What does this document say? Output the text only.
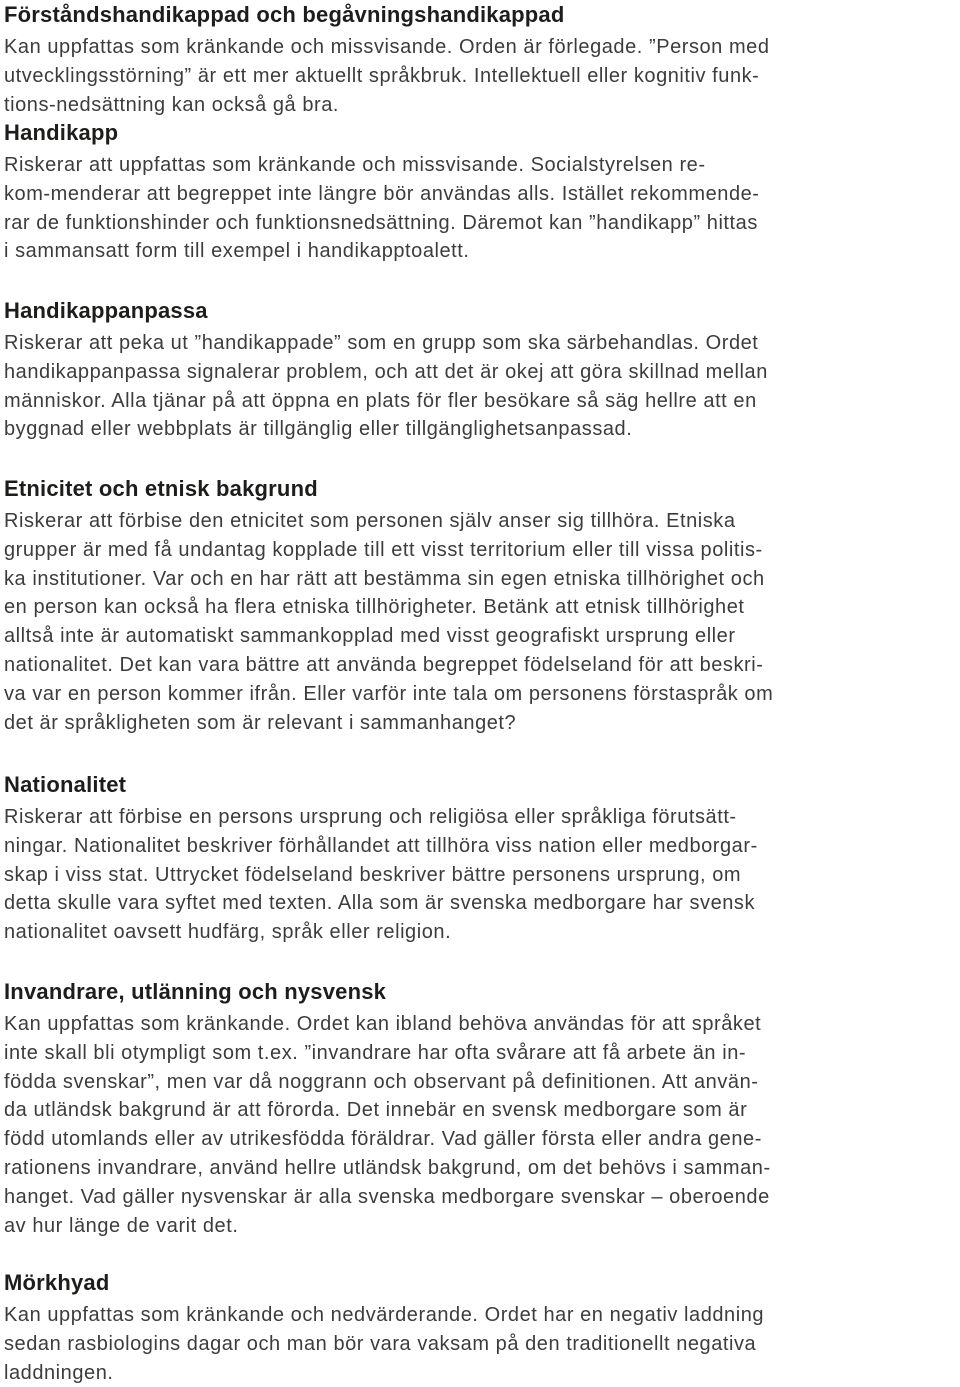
Förståndshandikappad och begåvningshandikappad

Kan uppfattas som kränkande och missvisande. Orden är förlegade. ”Person med
utvecklingsstörning” är ett mer aktuellt språkbruk. Intellektuell eller kognitiv funk-
tions-nedsättning kan också gå bra.

Handikapp

Riskerar att uppfattas som kränkande och missvisande. Socialstyrelsen re-
kom-menderar att begreppet inte längre bör användas alls. Istället rekommende-
rar de funktionshinder och funktionsnedsättning. Däremot kan ”handikapp” hittas
i sammansatt form till exempel i handikapptoalett.

Handikappanpassa

Riskerar att peka ut ”handikappade” som en grupp som ska särbehandlas. Ordet
handikappanpassa signalerar problem, och att det är okej att göra skillnad mellan
människor. Alla tjänar på att öppna en plats för fler besökare så säg hellre att en
byggnad eller webbplats är tillgänglig eller tillgänglighetsanpassad.

Etnicitet och etnisk bakgrund

Riskerar att förbise den etnicitet som personen själv anser sig tillhöra. Etniska
grupper är med få undantag kopplade till ett visst territorium eller till vissa politis-
ka institutioner. Var och en har rätt att bestämma sin egen etniska tillhörighet och
en person kan också ha flera etniska tillhörigheter. Betänk att etnisk tillhörighet
alltså inte är automatiskt sammankopplad med visst geografiskt ursprung eller
nationalitet. Det kan vara bättre att använda begreppet födelseland för att beskri-
va var en person kommer ifrån. Eller varför inte tala om personens förstaspråk om
det är språkligheten som är relevant i sammanhanget?

Nationalitet

Riskerar att förbise en persons ursprung och religiösa eller språkliga förutsätt-
ningar. Nationalitet beskriver förhållandet att tillhöra viss nation eller medborgar-
skap i viss stat. Uttrycket födelseland beskriver bättre personens ursprung, om
detta skulle vara syftet med texten. Alla som är svenska medborgare har svensk
nationalitet oavsett hudfärg, språk eller religion.

Invandrare, utlänning och nysvensk

Kan uppfattas som kränkande. Ordet kan ibland behöva användas för att språket
inte skall bli otympligt som t.ex. ”invandrare har ofta svårare att få arbete än in-
födda svenskar”, men var då noggrann och observant på definitionen. Att använ-
da utländsk bakgrund är att förorda. Det innebär en svensk medborgare som är
född utomlands eller av utrikesfödda föräldrar. Vad gäller första eller andra gene-
rationens invandrare, använd hellre utländsk bakgrund, om det behövs i samman-
hanget. Vad gäller nysvenskar är alla svenska medborgare svenskar – oberoende
av hur länge de varit det.

Mörkhyad

Kan uppfattas som kränkande och nedvärderande. Ordet har en negativ laddning
sedan rasbiologins dagar och man bör vara vaksam på den traditionellt negativa
laddningen.
